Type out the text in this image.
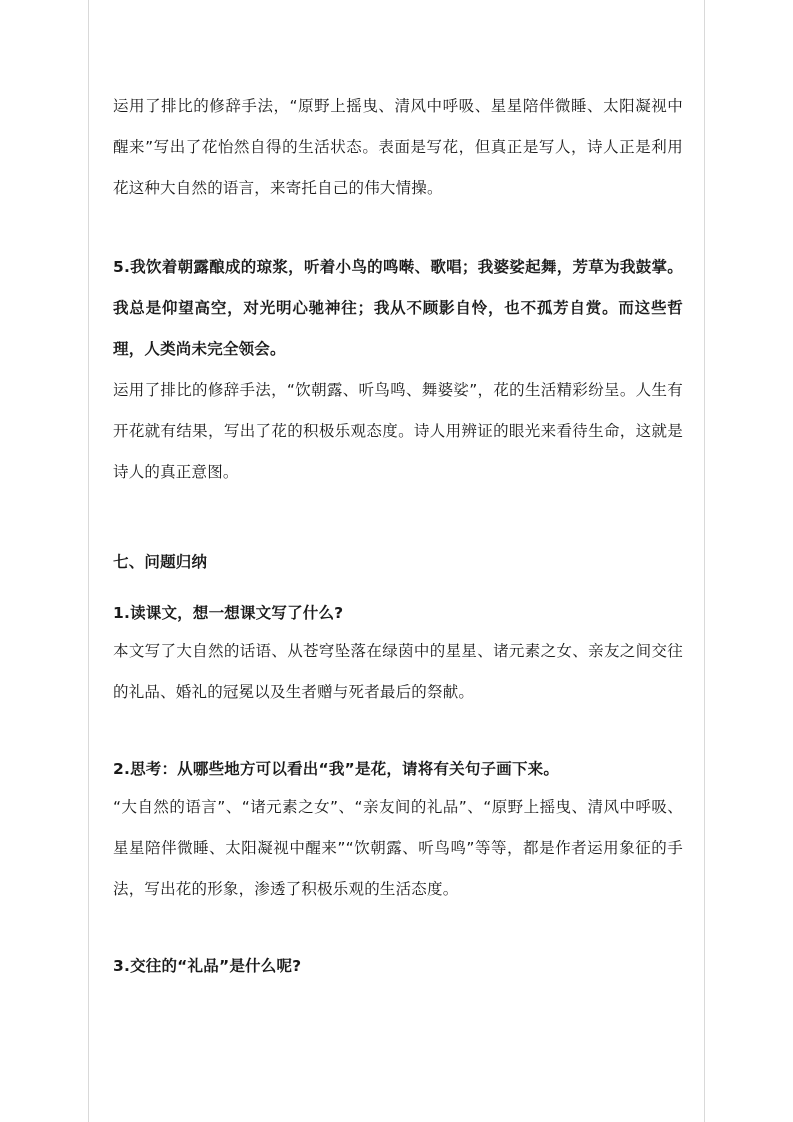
运用了排比的修辞手法，“原野上摇曳、清风中呼吸、星星陪伴微睡、太阳凝视中醒来”写出了花怡然自得的生活状态。表面是写花，但真正是写人，诗人正是利用花这种大自然的语言，来寄托自己的伟大情操。

5.我饮着朝露酿成的琼浆，听着小鸟的鸣啭、歌唱；我婆娑起舞，芳草为我鼓掌。我总是仰望高空，对光明心驰神往；我从不顾影自怜，也不孤芳自赏。而这些哲理，人类尚未完全领会。

运用了排比的修辞手法，“饮朝露、听鸟鸣、舞婆娑”，花的生活精彩纷呈。人生有开花就有结果，写出了花的积极乐观态度。诗人用辨证的眼光来看待生命，这就是诗人的真正意图。

七、问题归纳

1.读课文，想一想课文写了什么?

本文写了大自然的话语、从苍穹坠落在绿茵中的星星、诸元素之女、亲友之间交往的礼品、婚礼的冠冕以及生者赠与死者最后的祭献。

2.思考：从哪些地方可以看出“我”是花，请将有关句子画下来。

“大自然的语言”、“诸元素之女”、“亲友间的礼品”、“原野上摇曳、清风中呼吸、星星陪伴微睡、太阳凝视中醒来”“饮朝露、听鸟鸣”等等，都是作者运用象征的手法，写出花的形象，渗透了积极乐观的生活态度。

3.交往的“礼品”是什么呢?
